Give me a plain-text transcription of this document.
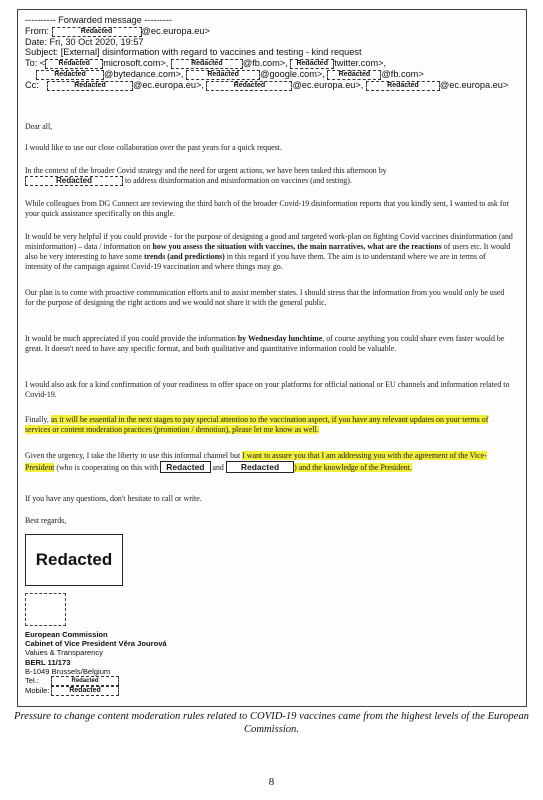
---------- Forwarded message ---------
From:	Redacted	@ec.europa.eu>
Date: Fri, 30 Oct 2020, 19:57
Subject: [External] disinformation with regard to vaccines and testing - kind request
To: < Redacted microsoft.com>,	Redacted @fb.com>, Redacted twitter.com>,
Redacted @bytedance.com>,	Redacted @google.com>, Redacted @fb.com>
Cc:	Redacted	@ec.europa.eu>,	Redacted	@ec.europa.eu>,	Redacted @ec.europa.eu>
Dear all,
I would like to use our close collaboration over the past years for a quick request.

In the context of the broader Covid strategy and the need for urgent actions, we have been tasked this afternoon by
Redacted	to address disinformation and misinformation on vaccines (and testing).

While colleagues from DG Connect are reviewing the third batch of the broader Covid-19 disinformation reports that you kindly sent, I wanted to ask for your quick assistance specifically on this angle.

It would be very helpful if you could provide - for the purpose of designing a good and targeted work-plan on fighting Covid vaccines disinformation (and misinformation) – data / information on how you assess the situation with vaccines, the main narratives, what are the reactions of users etc. It would also be very interesting to have some trends (and predictions) in this regard if you have them. The aim is to understand where we are in terms of intensity of the campaign against Covid-19 vaccination and where things may go.

Our plan is to come with proactive communication efforts and to assist member states. I should stress that the information from you would only be used for the purpose of designing the right actions and we would not share it with the general public.

It would be much appreciated if you could provide the information by Wednesday lunchtime, of course anything you could share even faster would be great. It doesn't need to have any specific format, and both qualitative and quantitative information could be valuable.

I would also ask for a kind confirmation of your readiness to offer space on your platforms for official national or EU channels and information related to Covid-19.

Finally, as it will be essential in the next stages to pay special attention to the vaccination aspect, if you have any relevant updates on your terms of services or content moderation practices (promotion / demotion), please let me know as well.

Given the urgency, I take the liberty to use this informal channel but I want to assure you that I am addressing you with the agreement of the Vice-President (who is cooperating on this with Redacted and Redacted ) and the knowledge of the President.

If you have any questions, don't hesitate to call or write.
Best regards,
Redacted
European Commission
Cabinet of Vice President Věra Jourová
Values & Transparency
BERL 11/173
B-1049 Brussels/Belgium
Tel.:	Redacted
Mobile:	Redacted
Pressure to change content moderation rules related to COVID-19 vaccines came from the highest levels of the European Commission.
8
